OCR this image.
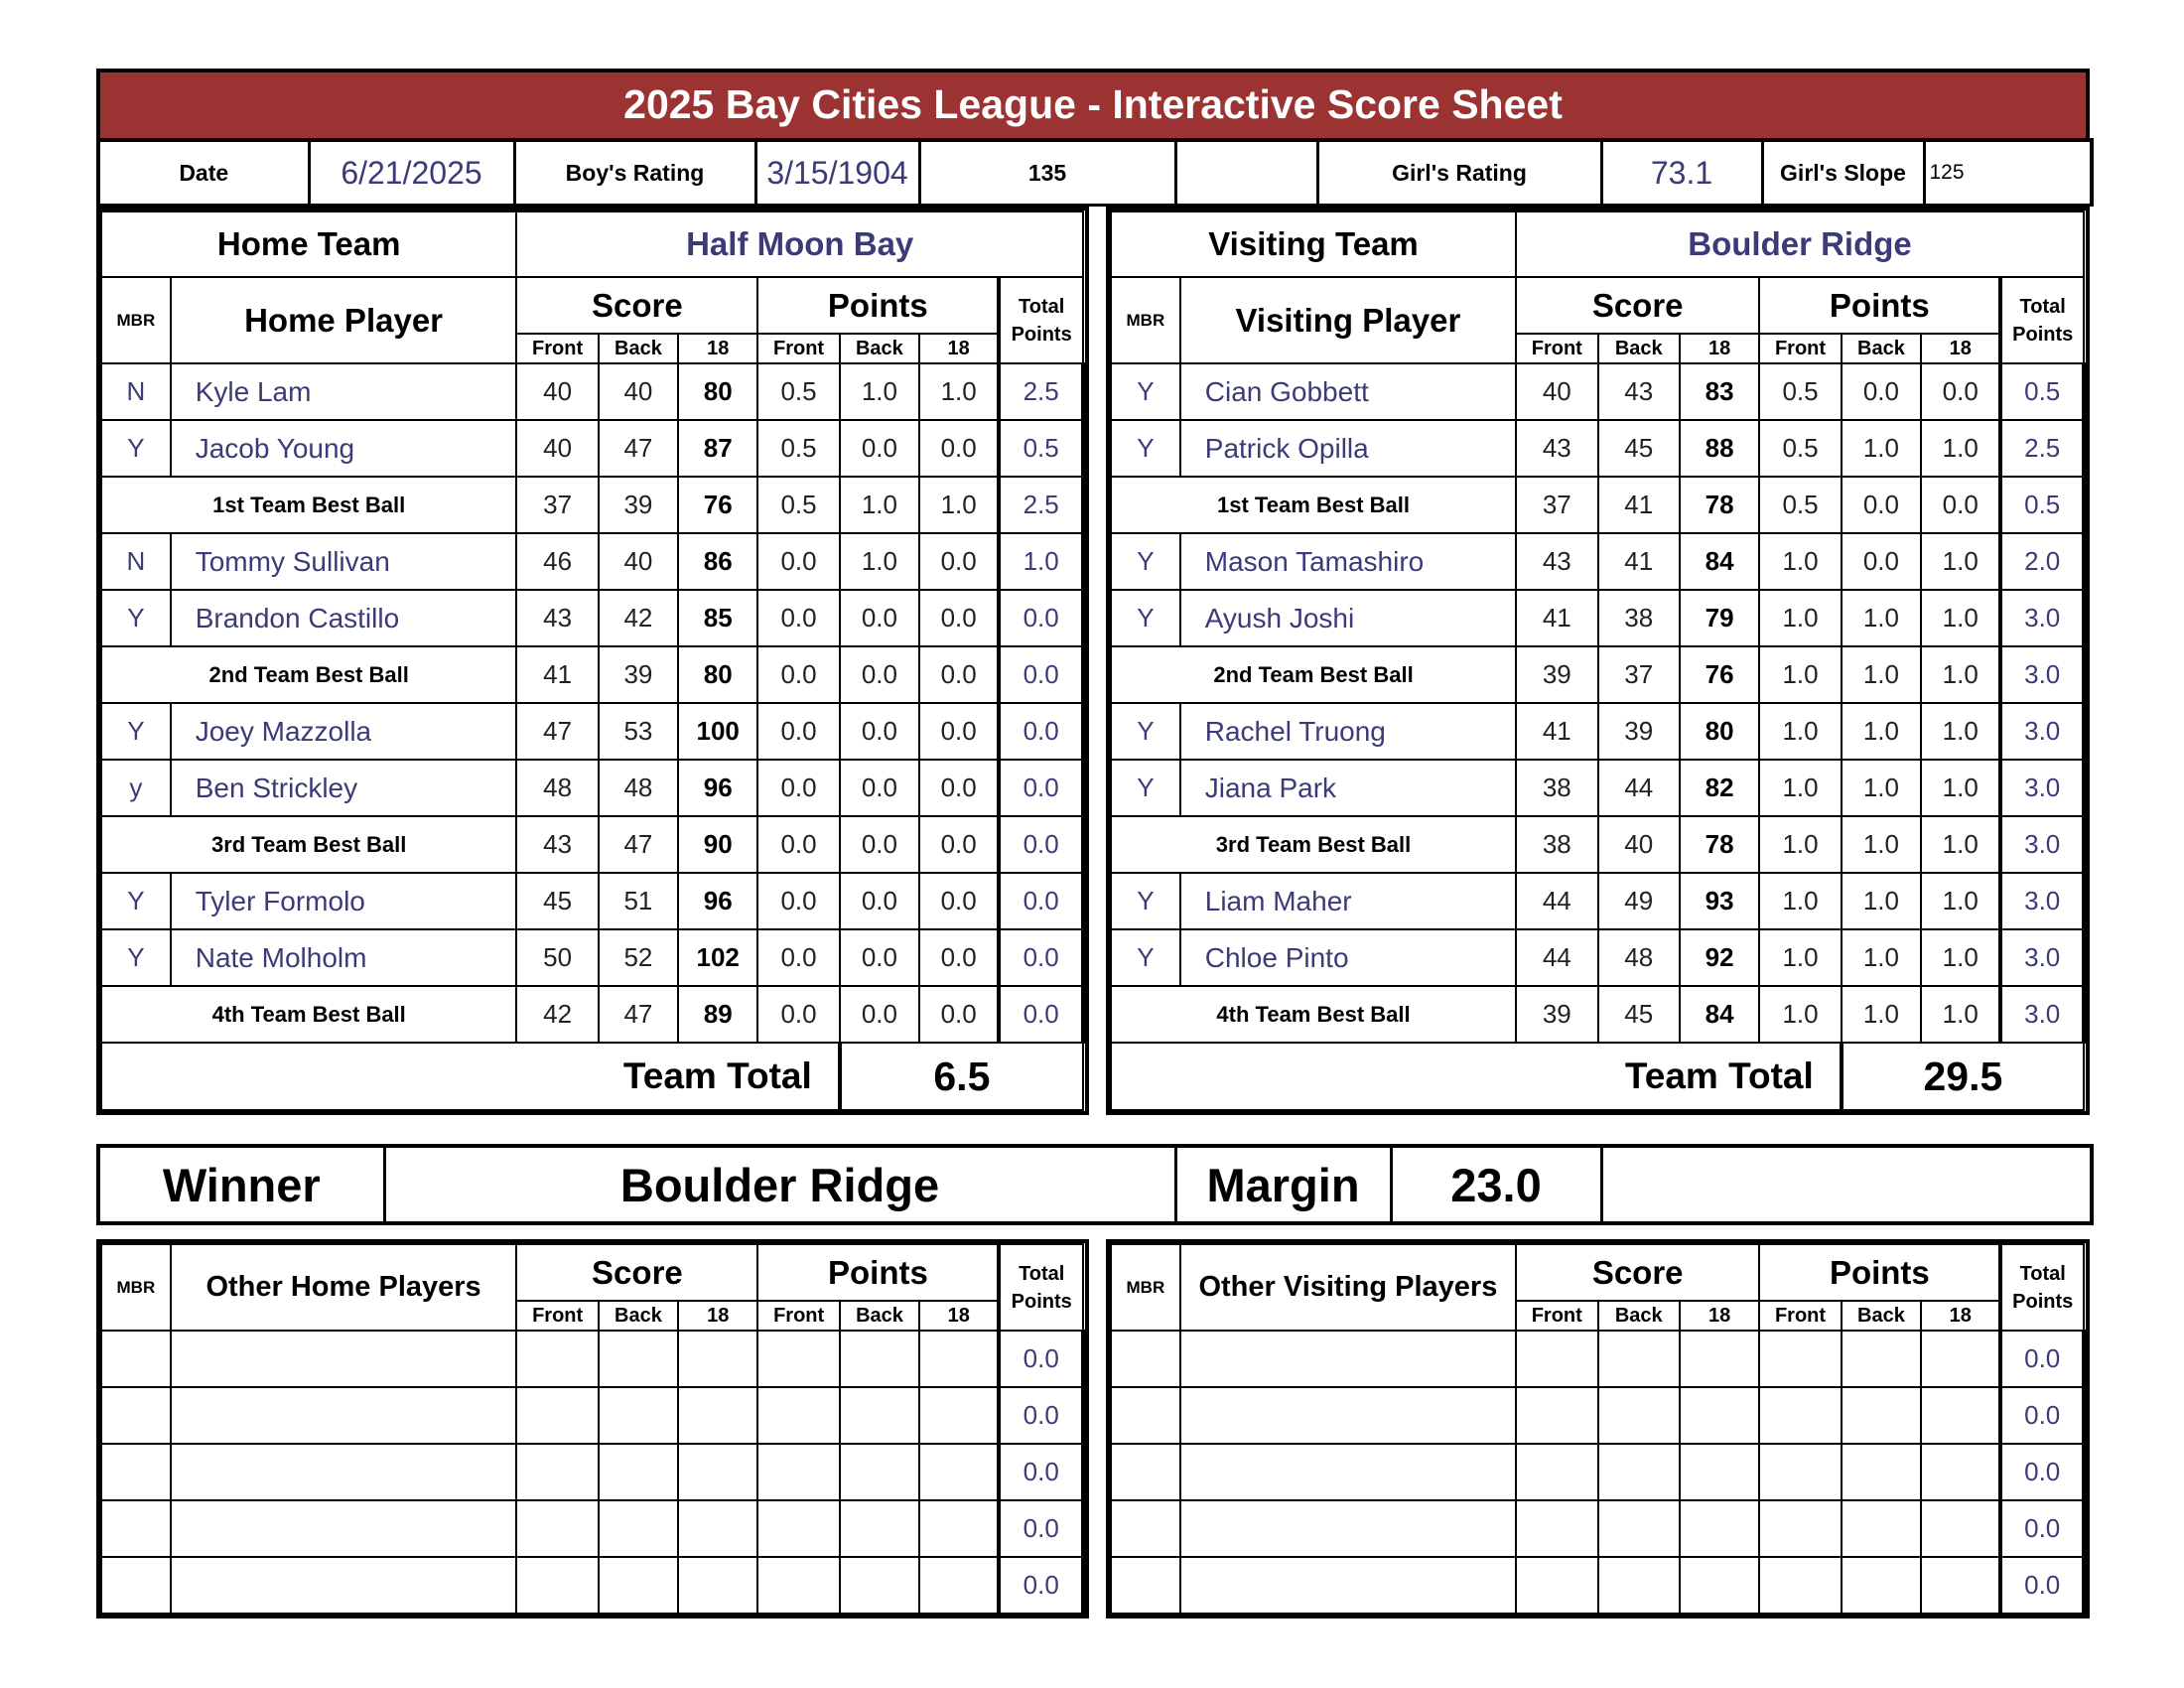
2025 Bay Cities League - Interactive Score Sheet
Date	6/21/2025	Boy's Rating	3/15/1904	135		Girl's Rating	73.1	Girl's Slope	125
Home Team		Half Moon Bay						
MBR	Home Player	Score			Points			Total Points
		Front	Back	18	Front	Back	18	
N	Kyle Lam	40	40	80	0.5	1.0	1.0	2.5
Y	Jacob Young	40	47	87	0.5	0.0	0.0	0.5
1st Team Best Ball		37	39	76	0.5	1.0	1.0	2.5
N	Tommy Sullivan	46	40	86	0.0	1.0	0.0	1.0
Y	Brandon Castillo	43	42	85	0.0	0.0	0.0	0.0
2nd Team Best Ball		41	39	80	0.0	0.0	0.0	0.0
Y	Joey Mazzolla	47	53	100	0.0	0.0	0.0	0.0
y	Ben Strickley	48	48	96	0.0	0.0	0.0	0.0
3rd Team Best Ball		43	47	90	0.0	0.0	0.0	0.0
Y	Tyler Formolo	45	51	96	0.0	0.0	0.0	0.0
Y	Nate Molholm	50	52	102	0.0	0.0	0.0	0.0
4th Team Best Ball		42	47	89	0.0	0.0	0.0	0.0
Team Total						6.5		
Visiting Team		Boulder Ridge						
MBR	Visiting Player	Score			Points			Total Points
		Front	Back	18	Front	Back	18	
Y	Cian Gobbett	40	43	83	0.5	0.0	0.0	0.5
Y	Patrick Opilla	43	45	88	0.5	1.0	1.0	2.5
1st Team Best Ball		37	41	78	0.5	0.0	0.0	0.5
Y	Mason Tamashiro	43	41	84	1.0	0.0	1.0	2.0
Y	Ayush Joshi	41	38	79	1.0	1.0	1.0	3.0
2nd Team Best Ball		39	37	76	1.0	1.0	1.0	3.0
Y	Rachel Truong	41	39	80	1.0	1.0	1.0	3.0
Y	Jiana Park	38	44	82	1.0	1.0	1.0	3.0
3rd Team Best Ball		38	40	78	1.0	1.0	1.0	3.0
Y	Liam Maher	44	49	93	1.0	1.0	1.0	3.0
Y	Chloe Pinto	44	48	92	1.0	1.0	1.0	3.0
4th Team Best Ball		39	45	84	1.0	1.0	1.0	3.0
Team Total						29.5		
Winner	Boulder Ridge	Margin	23.0	
MBR	Other Home Players	Score			Points			Total Points
		Front	Back	18	Front	Back	18	
								0.0
								0.0
								0.0
								0.0
								0.0
MBR	Other Visiting Players	Score			Points			Total Points
		Front	Back	18	Front	Back	18	
								0.0
								0.0
								0.0
								0.0
								0.0
